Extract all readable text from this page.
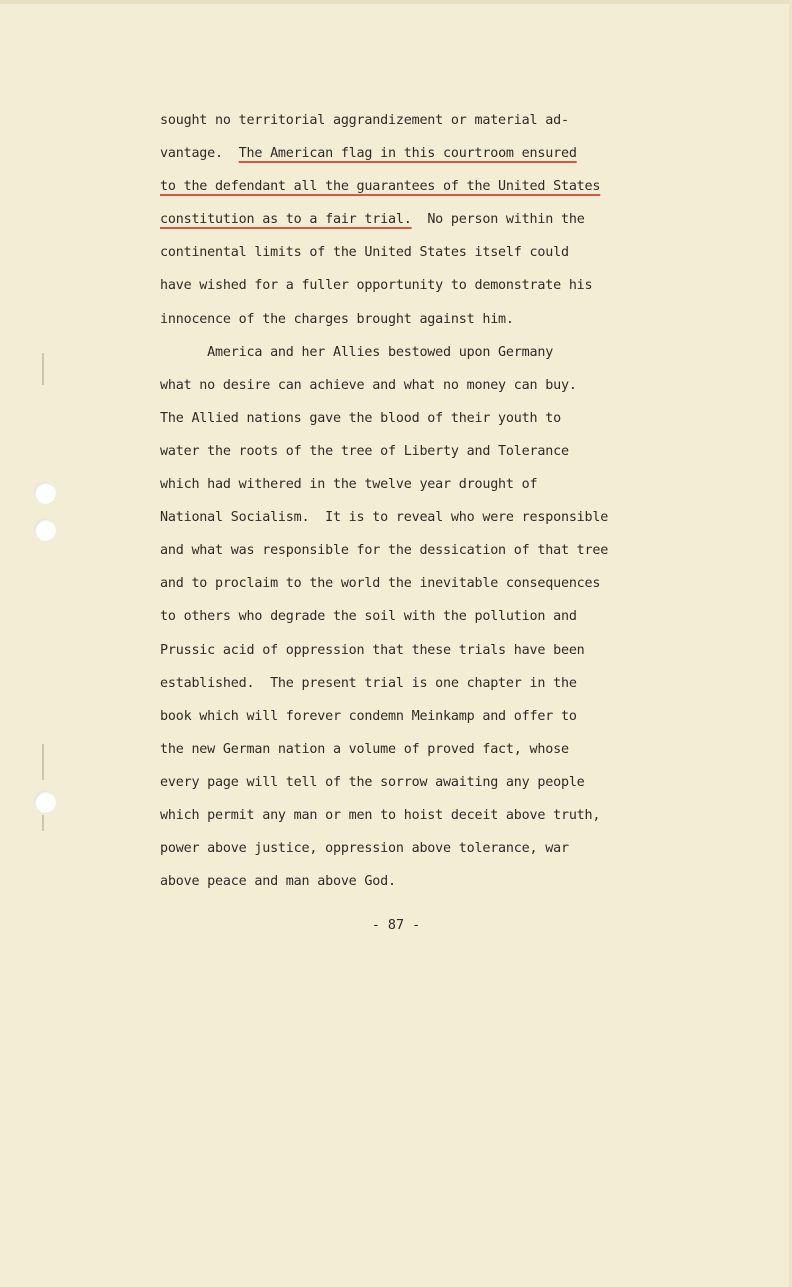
sought no territorial aggrandizement or material ad-
vantage.  The American flag in this courtroom ensured
to the defendant all the guarantees of the United States
constitution as to a fair trial.  No person within the
continental limits of the United States itself could
have wished for a fuller opportunity to demonstrate his
innocence of the charges brought against him.
America and her Allies bestowed upon Germany
what no desire can achieve and what no money can buy.
The Allied nations gave the blood of their youth to
water the roots of the tree of Liberty and Tolerance
which had withered in the twelve year drought of
National Socialism.  It is to reveal who were responsible
and what was responsible for the dessication of that tree
and to proclaim to the world the inevitable consequences
to others who degrade the soil with the pollution and
Prussic acid of oppression that these trials have been
established.  The present trial is one chapter in the
book which will forever condemn Meinkamp and offer to
the new German nation a volume of proved fact, whose
every page will tell of the sorrow awaiting any people
which permit any man or men to hoist deceit above truth,
power above justice, oppression above tolerance, war
above peace and man above God.
- 87 -
